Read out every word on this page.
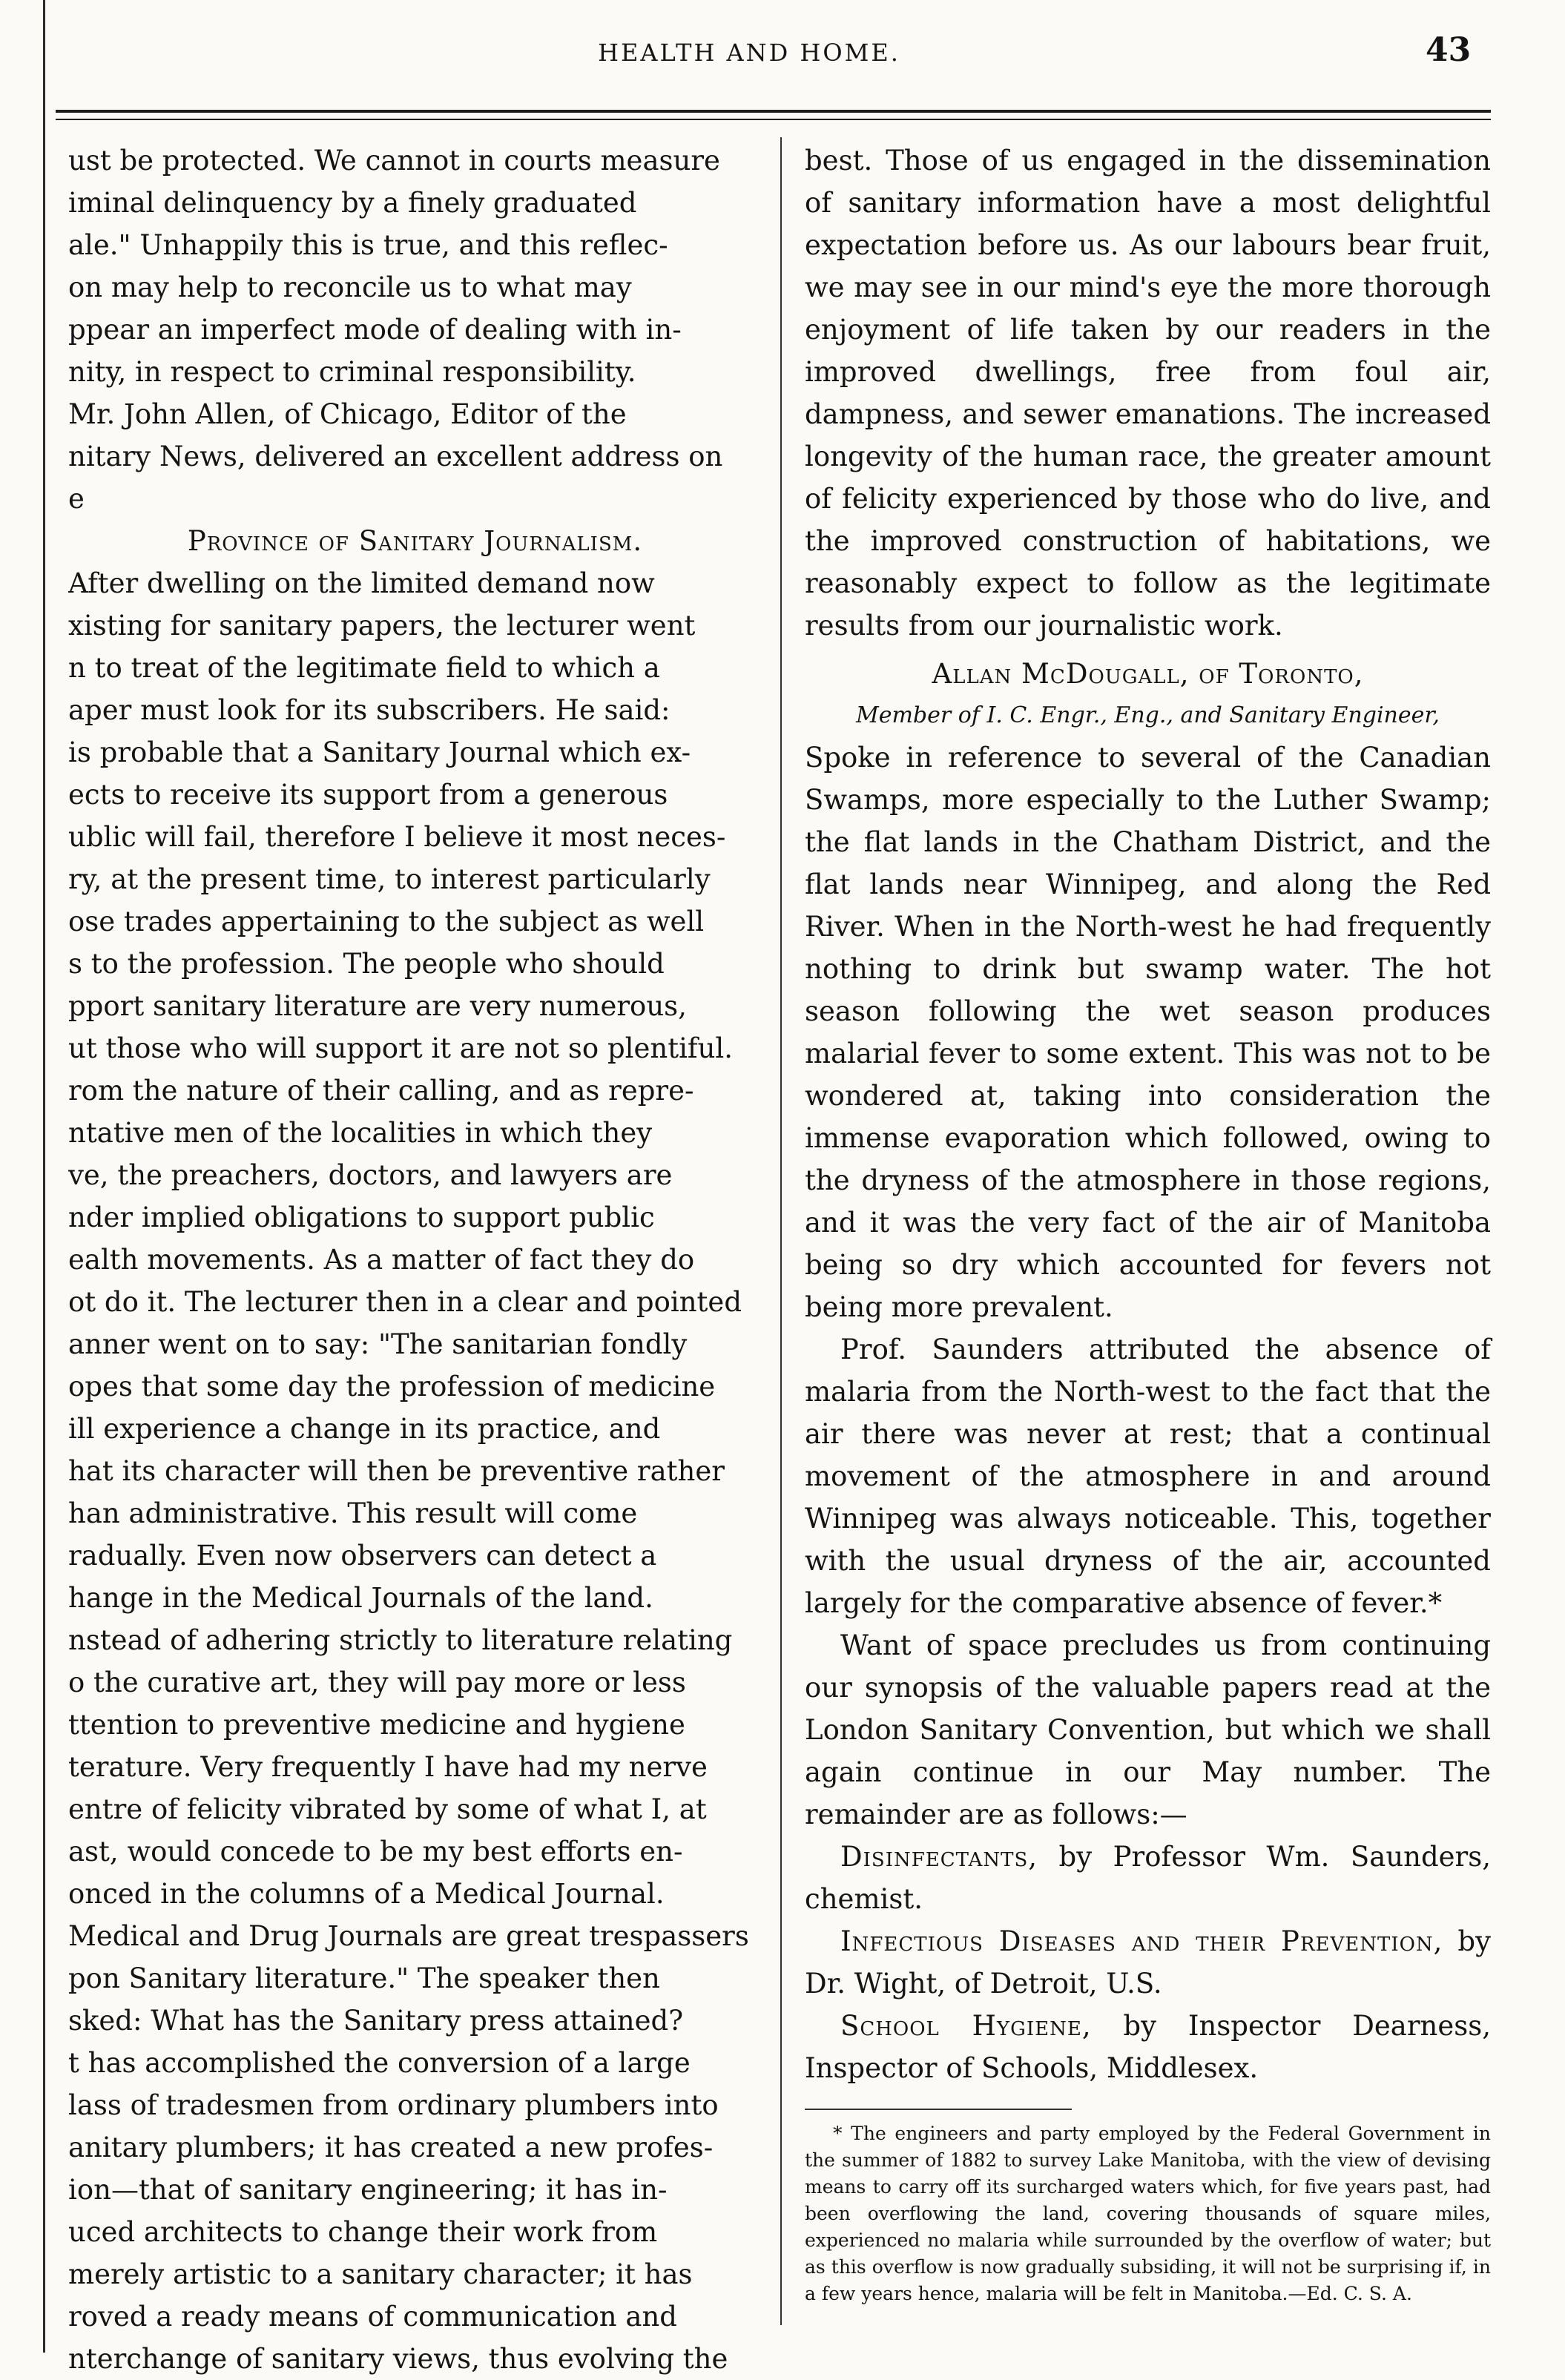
HEALTH AND HOME.	43
ust be protected. We cannot in courts measure
iminal delinquency by a finely graduated
ale." Unhappily this is true, and this reflec-
on may help to reconcile us to what may
ppear an imperfect mode of dealing with in-
nity, in respect to criminal responsibility.
Mr. John Allen, of Chicago, Editor of the
nitary News, delivered an excellent address on
e
Province of Sanitary Journalism.
After dwelling on the limited demand now
xisting for sanitary papers, the lecturer went
n to treat of the legitimate field to which a
aper must look for its subscribers. He said:
is probable that a Sanitary Journal which ex-
ects to receive its support from a generous
ublic will fail, therefore I believe it most neces-
ry, at the present time, to interest particularly
ose trades appertaining to the subject as well
s to the profession. The people who should
pport sanitary literature are very numerous,
ut those who will support it are not so plentiful.
rom the nature of their calling, and as repre-
ntative men of the localities in which they
ve, the preachers, doctors, and lawyers are
nder implied obligations to support public
ealth movements. As a matter of fact they do
ot do it. The lecturer then in a clear and pointed
anner went on to say: "The sanitarian fondly
opes that some day the profession of medicine
ill experience a change in its practice, and
hat its character will then be preventive rather
han administrative. This result will come
radually. Even now observers can detect a
hange in the Medical Journals of the land.
nstead of adhering strictly to literature relating
o the curative art, they will pay more or less
ttention to preventive medicine and hygiene
terature. Very frequently I have had my nerve
entre of felicity vibrated by some of what I, at
ast, would concede to be my best efforts en-
onced in the columns of a Medical Journal.
Medical and Drug Journals are great trespassers
pon Sanitary literature." The speaker then
sked: What has the Sanitary press attained?
t has accomplished the conversion of a large
lass of tradesmen from ordinary plumbers into
anitary plumbers; it has created a new profes-
ion—that of sanitary engineering; it has in-
uced architects to change their work from
merely artistic to a sanitary character; it has
roved a ready means of communication and
nterchange of sanitary views, thus evolving the

best. Those of us engaged in the dissemination of sanitary information have a most delightful expectation before us. As our labours bear fruit, we may see in our mind's eye the more thorough enjoyment of life taken by our readers in the improved dwellings, free from foul air, dampness, and sewer emanations. The increased longevity of the human race, the greater amount of felicity experienced by those who do live, and the improved construction of habitations, we reasonably expect to follow as the legitimate results from our journalistic work.

Allan McDougall, of Toronto,

Member of I. C. Engr., Eng., and Sanitary Engineer,

Spoke in reference to several of the Canadian Swamps, more especially to the Luther Swamp; the flat lands in the Chatham District, and the flat lands near Winnipeg, and along the Red River. When in the North-west he had frequently nothing to drink but swamp water. The hot season following the wet season produces malarial fever to some extent. This was not to be wondered at, taking into consideration the immense evaporation which followed, owing to the dryness of the atmosphere in those regions, and it was the very fact of the air of Manitoba being so dry which accounted for fevers not being more prevalent.

Prof. Saunders attributed the absence of malaria from the North-west to the fact that the air there was never at rest; that a continual movement of the atmosphere in and around Winnipeg was always noticeable. This, together with the usual dryness of the air, accounted largely for the comparative absence of fever.*

Want of space precludes us from continuing our synopsis of the valuable papers read at the London Sanitary Convention, but which we shall again continue in our May number. The remainder are as follows:—

Disinfectants, by Professor Wm. Saunders, chemist.

Infectious Diseases and their Prevention, by Dr. Wight, of Detroit, U.S.

School Hygiene, by Inspector Dearness, Inspector of Schools, Middlesex.

* The engineers and party employed by the Federal Government in the summer of 1882 to survey Lake Manitoba, with the view of devising means to carry off its surcharged waters which, for five years past, had been overflowing the land, covering thousands of square miles, experienced no malaria while surrounded by the overflow of water; but as this overflow is now gradually subsiding, it will not be surprising if, in a few years hence, malaria will be felt in Manitoba.—Ed. C. S. A.
